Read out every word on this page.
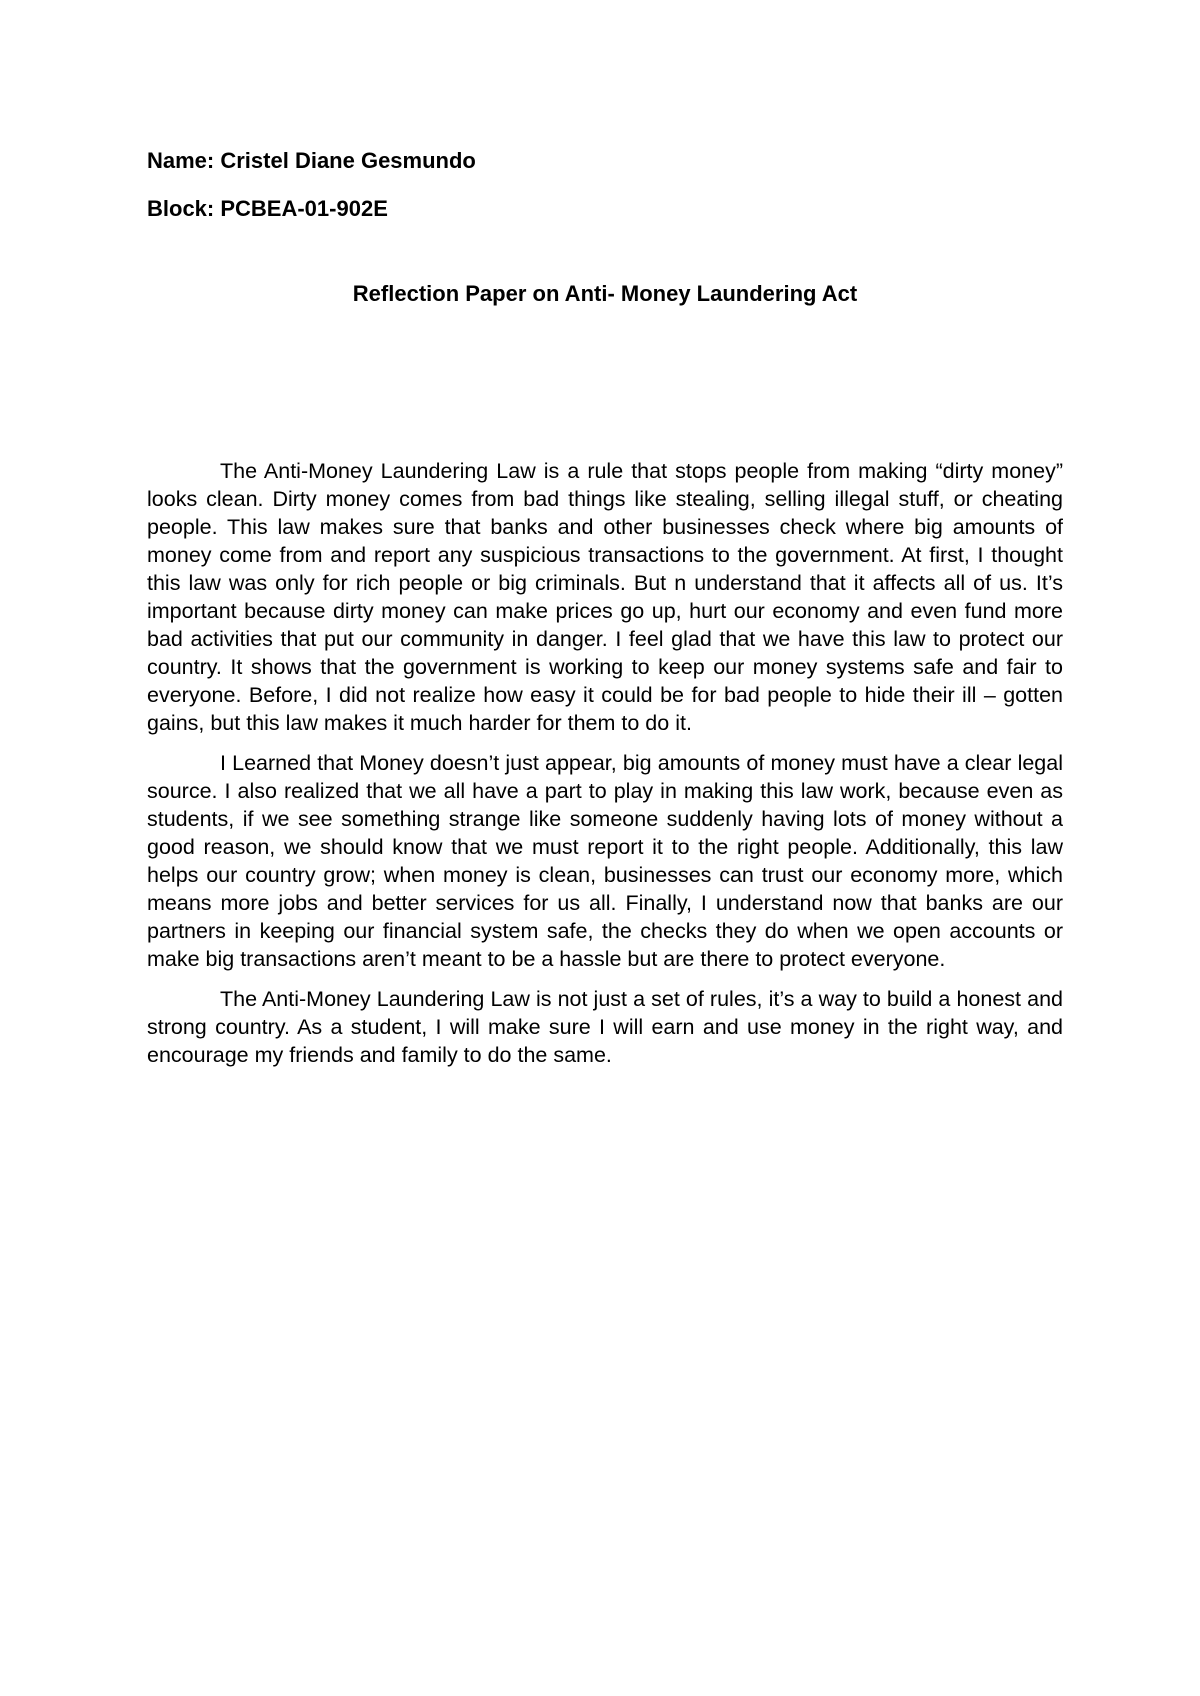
Name: Cristel Diane Gesmundo

Block: PCBEA-01-902E

Reflection Paper on Anti- Money Laundering Act

The Anti-Money Laundering Law is a rule that stops people from making “dirty money” looks clean. Dirty money comes from bad things like stealing, selling illegal stuff, or cheating people. This law makes sure that banks and other businesses check where big amounts of money come from and report any suspicious transactions to the government. At first, I thought this law was only for rich people or big criminals. But n understand that it affects all of us. It’s important because dirty money can make prices go up, hurt our economy and even fund more bad activities that put our community in danger. I feel glad that we have this law to protect our country. It shows that the government is working to keep our money systems safe and fair to everyone. Before, I did not realize how easy it could be for bad people to hide their ill – gotten gains, but this law makes it much harder for them to do it.

I Learned that Money doesn’t just appear, big amounts of money must have a clear legal source. I also realized that we all have a part to play in making this law work, because even as students, if we see something strange like someone suddenly having lots of money without a good reason, we should know that we must report it to the right people. Additionally, this law helps our country grow; when money is clean, businesses can trust our economy more, which means more jobs and better services for us all. Finally, I understand now that banks are our partners in keeping our financial system safe, the checks they do when we open accounts or make big transactions aren’t meant to be a hassle but are there to protect everyone.

The Anti-Money Laundering Law is not just a set of rules, it’s a way to build a honest and strong country. As a student, I will make sure I will earn and use money in the right way, and encourage my friends and family to do the same.
